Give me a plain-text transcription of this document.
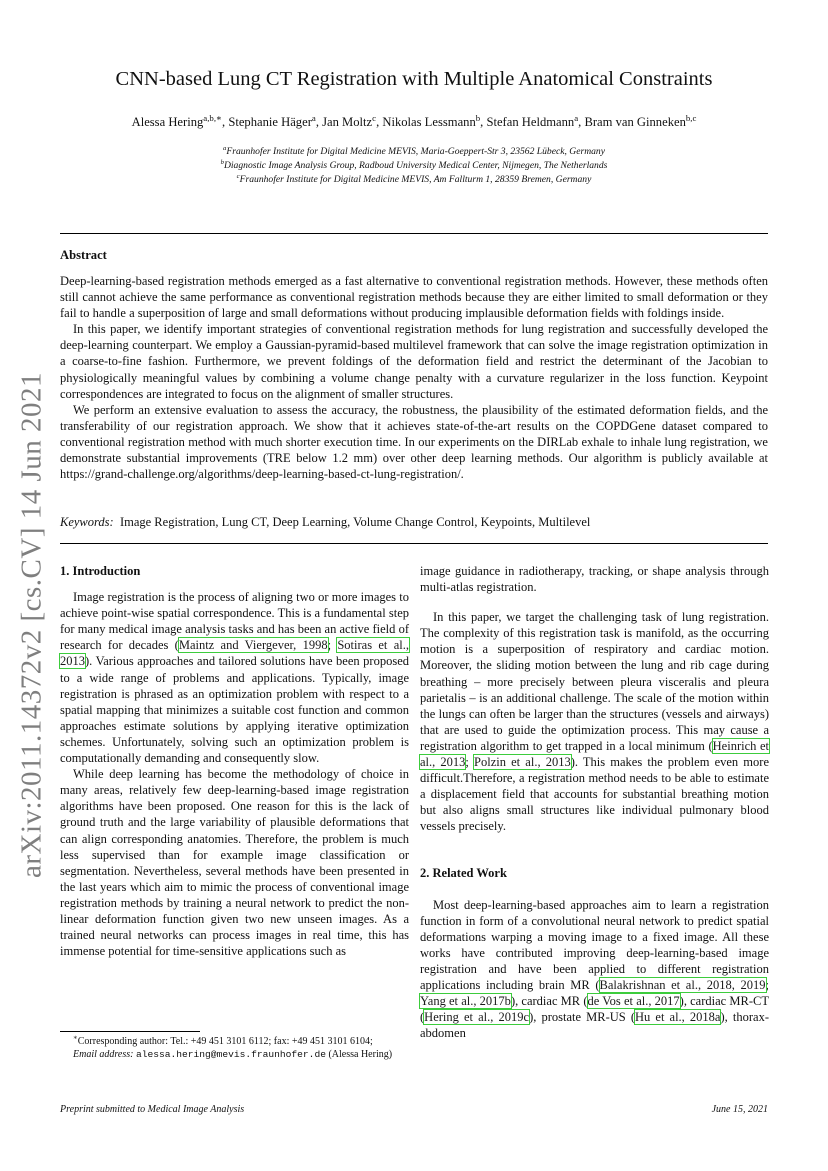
arXiv:2011.14372v2 [cs.CV] 14 Jun 2021
CNN-based Lung CT Registration with Multiple Anatomical Constraints
Alessa Hering$^{a,b,∗}$, Stephanie Häger$^a$, Jan Moltz$^c$, Nikolas Lessmann$^b$, Stefan Heldmann$^a$, Bram van Ginneken$^{b,c}$
$^a$Fraunhofer Institute for Digital Medicine MEVIS, Maria-Goeppert-Str 3, 23562 Lübeck, Germany
$^b$Diagnostic Image Analysis Group, Radboud University Medical Center, Nijmegen, The Netherlands
$^c$Fraunhofer Institute for Digital Medicine MEVIS, Am Fallturm 1, 28359 Bremen, Germany
Abstract

Deep-learning-based registration methods emerged as a fast alternative to conventional registration methods. However, these methods often still cannot achieve the same performance as conventional registration methods because they are either limited to small deformation or they fail to handle a superposition of large and small deformations without producing implausible deformation fields with foldings inside.

In this paper, we identify important strategies of conventional registration methods for lung registration and successfully developed the deep-learning counterpart. We employ a Gaussian-pyramid-based multilevel framework that can solve the image registration optimization in a coarse-to-fine fashion. Furthermore, we prevent foldings of the deformation field and restrict the determinant of the Jacobian to physiologically meaningful values by combining a volume change penalty with a curvature regularizer in the loss function. Keypoint correspondences are integrated to focus on the alignment of smaller structures.

We perform an extensive evaluation to assess the accuracy, the robustness, the plausibility of the estimated deformation fields, and the transferability of our registration approach. We show that it achieves state-of-the-art results on the COPDGene dataset compared to conventional registration method with much shorter execution time. In our experiments on the DIRLab exhale to inhale lung registration, we demonstrate substantial improvements (TRE below 1.2 mm) over other deep learning methods. Our algorithm is publicly available at https://grand-challenge.org/algorithms/deep-learning-based-ct-lung-registration/.

Keywords: Image Registration, Lung CT, Deep Learning, Volume Change Control, Keypoints, Multilevel

1. Introduction

Image registration is the process of aligning two or more images to achieve point-wise spatial correspondence. This is a fundamental step for many medical image analysis tasks and has been an active field of research for decades (Maintz and Viergever, 1998; Sotiras et al., 2013). Various approaches and tailored solutions have been proposed to a wide range of problems and applications. Typically, image registration is phrased as an optimization problem with respect to a spatial mapping that minimizes a suitable cost function and common approaches estimate solutions by applying iterative optimization schemes. Unfortunately, solving such an optimization problem is computationally demanding and consequently slow.

While deep learning has become the methodology of choice in many areas, relatively few deep-learning-based image registration algorithms have been proposed. One reason for this is the lack of ground truth and the large variability of plausible deformations that can align corresponding anatomies. Therefore, the problem is much less supervised than for example image classification or segmentation. Nevertheless, several methods have been presented in the last years which aim to mimic the process of conventional image registration methods by training a neural network to predict the non-linear deformation function given two new unseen images. As a trained neural networks can process images in real time, this has immense potential for time-sensitive applications such as

image guidance in radiotherapy, tracking, or shape analysis through multi-atlas registration.

In this paper, we target the challenging task of lung registration. The complexity of this registration task is manifold, as the occurring motion is a superposition of respiratory and cardiac motion. Moreover, the sliding motion between the lung and rib cage during breathing – more precisely between pleura visceralis and pleura parietalis – is an additional challenge. The scale of the motion within the lungs can often be larger than the structures (vessels and airways) that are used to guide the optimization process. This may cause a registration algorithm to get trapped in a local minimum (Heinrich et al., 2013; Polzin et al., 2013). This makes the problem even more difficult.Therefore, a registration method needs to be able to estimate a displacement field that accounts for substantial breathing motion but also aligns small structures like individual pulmonary blood vessels precisely.

2. Related Work

Most deep-learning-based approaches aim to learn a registration function in form of a convolutional neural network to predict spatial deformations warping a moving image to a fixed image. All these works have contributed improving deep-learning-based image registration and have been applied to different registration applications including brain MR (Balakrishnan et al., 2018, 2019; Yang et al., 2017b), cardiac MR (de Vos et al., 2017), cardiac MR-CT (Hering et al., 2019c), prostate MR-US (Hu et al., 2018a), thorax-abdomen

∗Corresponding author: Tel.: +49 451 3101 6112; fax: +49 451 3101 6104;
Email address: alessa.hering@mevis.fraunhofer.de (Alessa Hering)
Preprint submitted to Medical Image Analysis	June 15, 2021
